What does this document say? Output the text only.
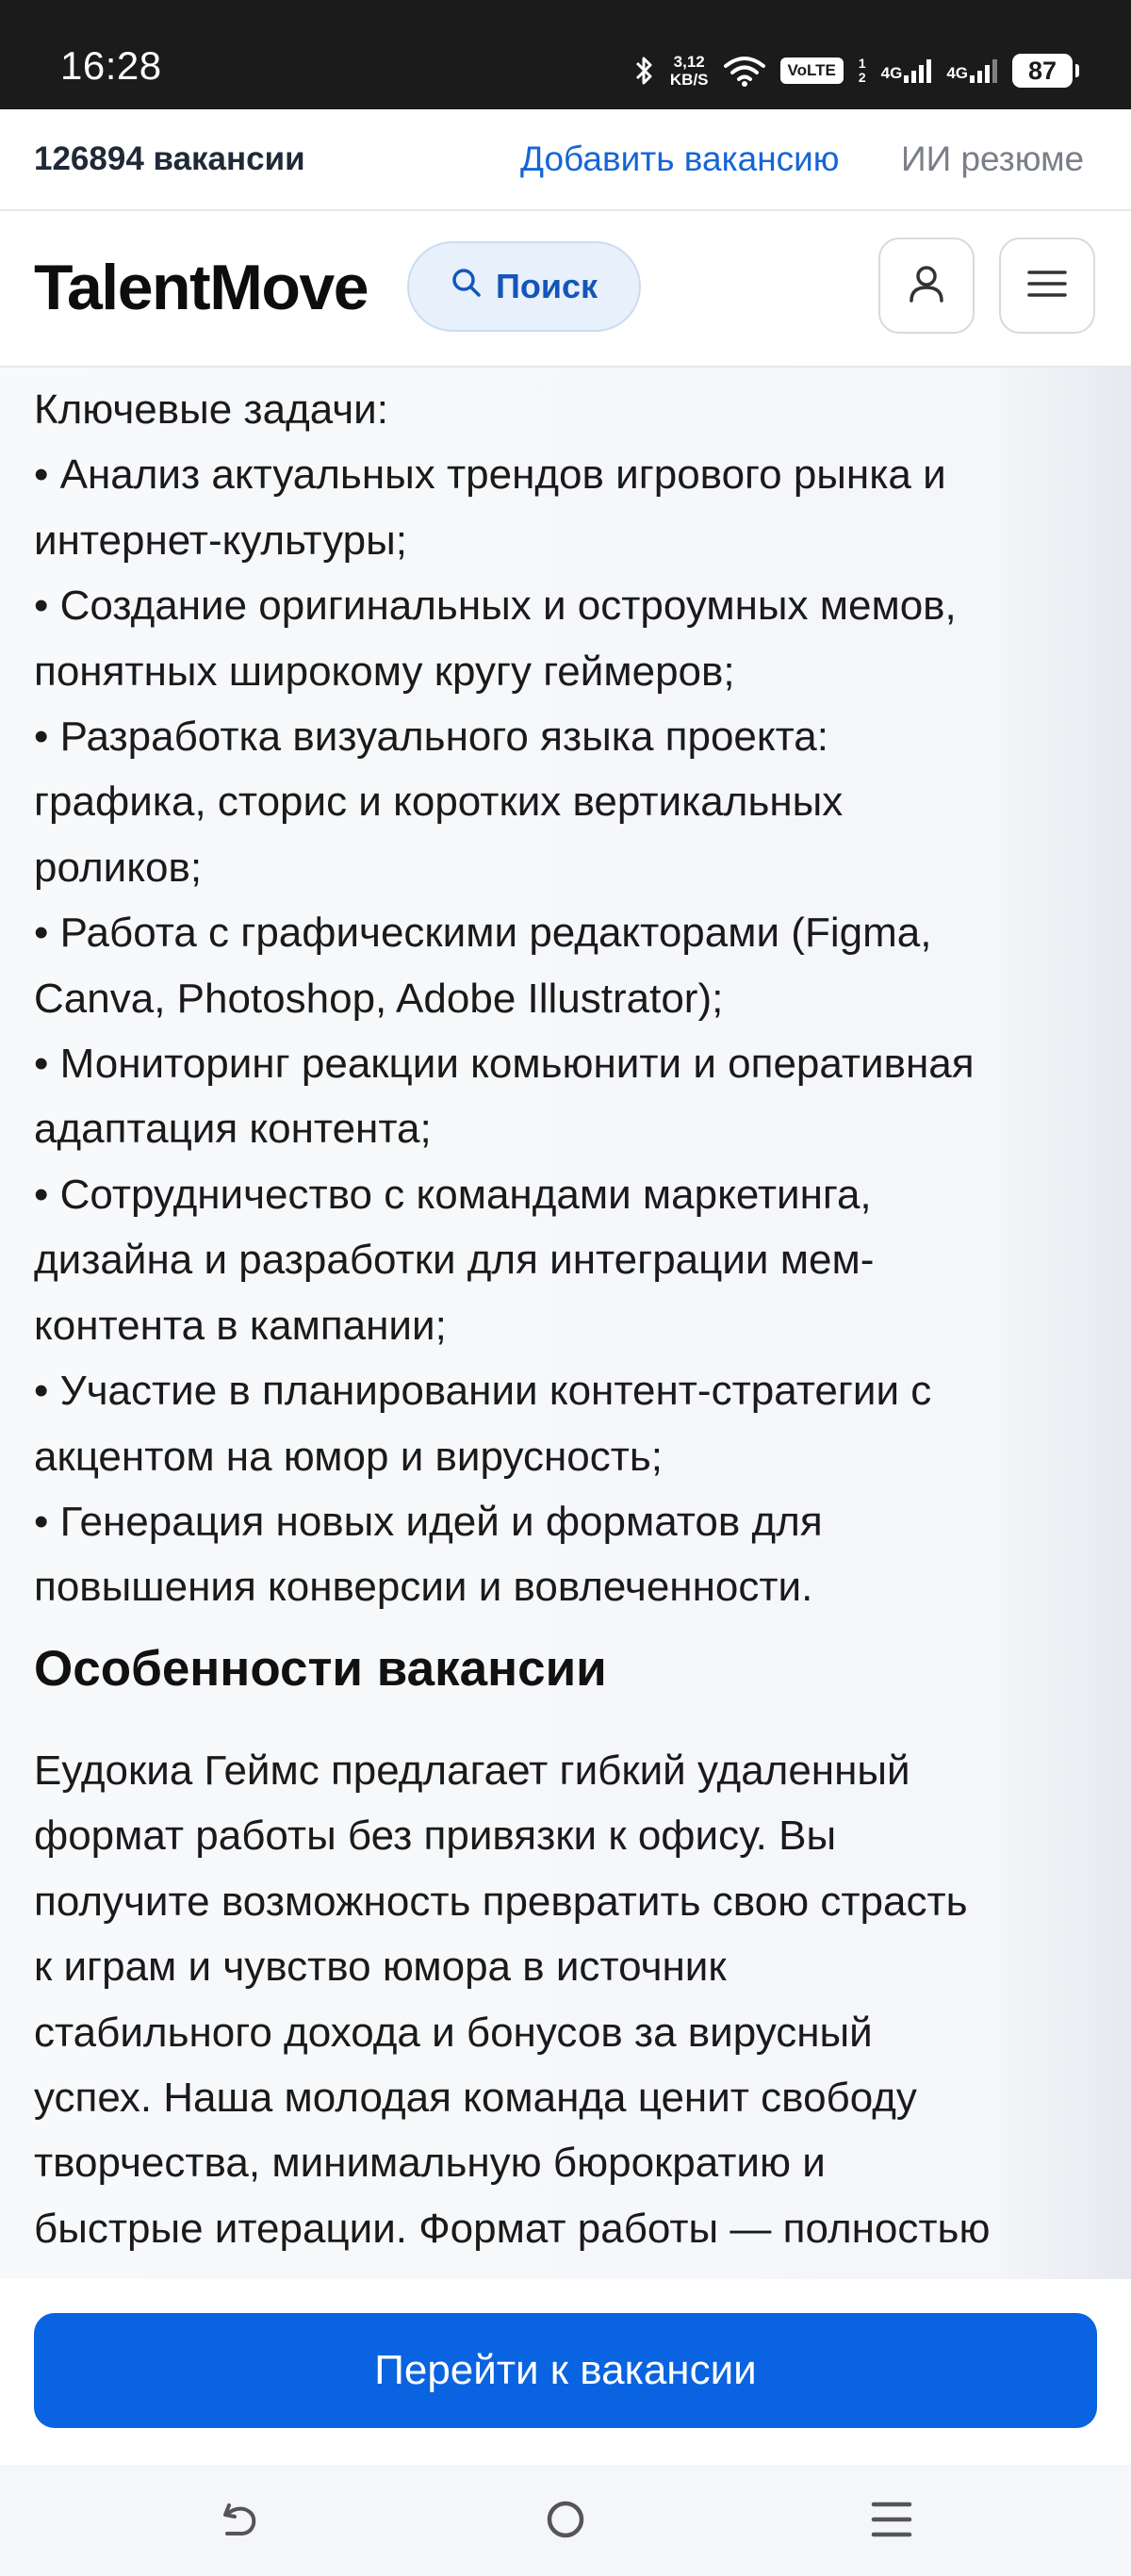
16:28	3,12
KB/S
VoLTE	1
2 4G	4G	87
126894 вакансии	Добавить вакансию ИИ резюме
TalentMove	Поиск
Ключевые задачи:
• Анализ актуальных трендов игрового рынка и
интернет-культуры;
• Создание оригинальных и остроумных мемов,
понятных широкому кругу геймеров;
• Разработка визуального языка проекта:
графика, сторис и коротких вертикальных
роликов;
• Работа с графическими редакторами (Figma,
Canva, Photoshop, Adobe Illustrator);
• Мониторинг реакции комьюнити и оперативная
адаптация контента;
• Сотрудничество с командами маркетинга,
дизайна и разработки для интеграции мем-
контента в кампании;
• Участие в планировании контент-стратегии с
акцентом на юмор и вирусность;
• Генерация новых идей и форматов для
повышения конверсии и вовлеченности.
Особенности вакансии
Еудокиа Геймс предлагает гибкий удаленный
формат работы без привязки к офису. Вы
получите возможность превратить свою страсть
к играм и чувство юмора в источник
стабильного дохода и бонусов за вирусный
успех. Наша молодая команда ценит свободу
творчества, минимальную бюрократию и
быстрые итерации. Формат работы — полностью
Перейти к вакансии
